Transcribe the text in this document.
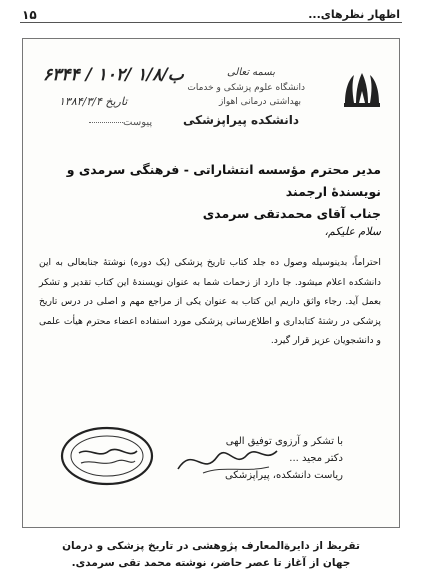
۱۵	اظهار نظرهای...
۶۳۴۴ / ۱۰۲/ ۱/۸/ب
تاریخ ۱۳۸۴/۳/۴
پیوست
بسمه تعالی
دانشگاه علوم پزشکی و خدمات
بهداشتی درمانی اهواز
دانشکده پیراپزشکی
مدیر محترم مؤسسه انتشاراتی - فرهنگی سرمدی و
نویسندهٔ ارجمند
جناب آقای محمدتقی سرمدی
سلام علیکم،
احتراماً، بدینوسیله وصول ده جلد کتاب تاریخ پزشکی (یک دوره) نوشتهٔ جنابعالی به این دانشکده اعلام میشود. جا دارد از زحمات شما به عنوان نویسندهٔ این کتاب تقدیر و تشکر بعمل آید. رجاء واثق داریم این کتاب به عنوان یکی از مراجع مهم و اصلی در درس تاریخ پزشکی در رشتهٔ کتابداری و اطلاع‌رسانی پزشکی مورد استفاده اعضاء محترم هیأت علمی و دانشجویان عزیز قرار گیرد.
با تشکر و آرزوی توفیق الهی
دکتر مجید ...
ریاست دانشکده، پیراپزشکی
تقریظ از دایرةالمعارف پژوهشی در تاریخ پزشکی و درمان
جهان از آغاز تا عصر حاضر، نوشته محمد تقی سرمدی.
